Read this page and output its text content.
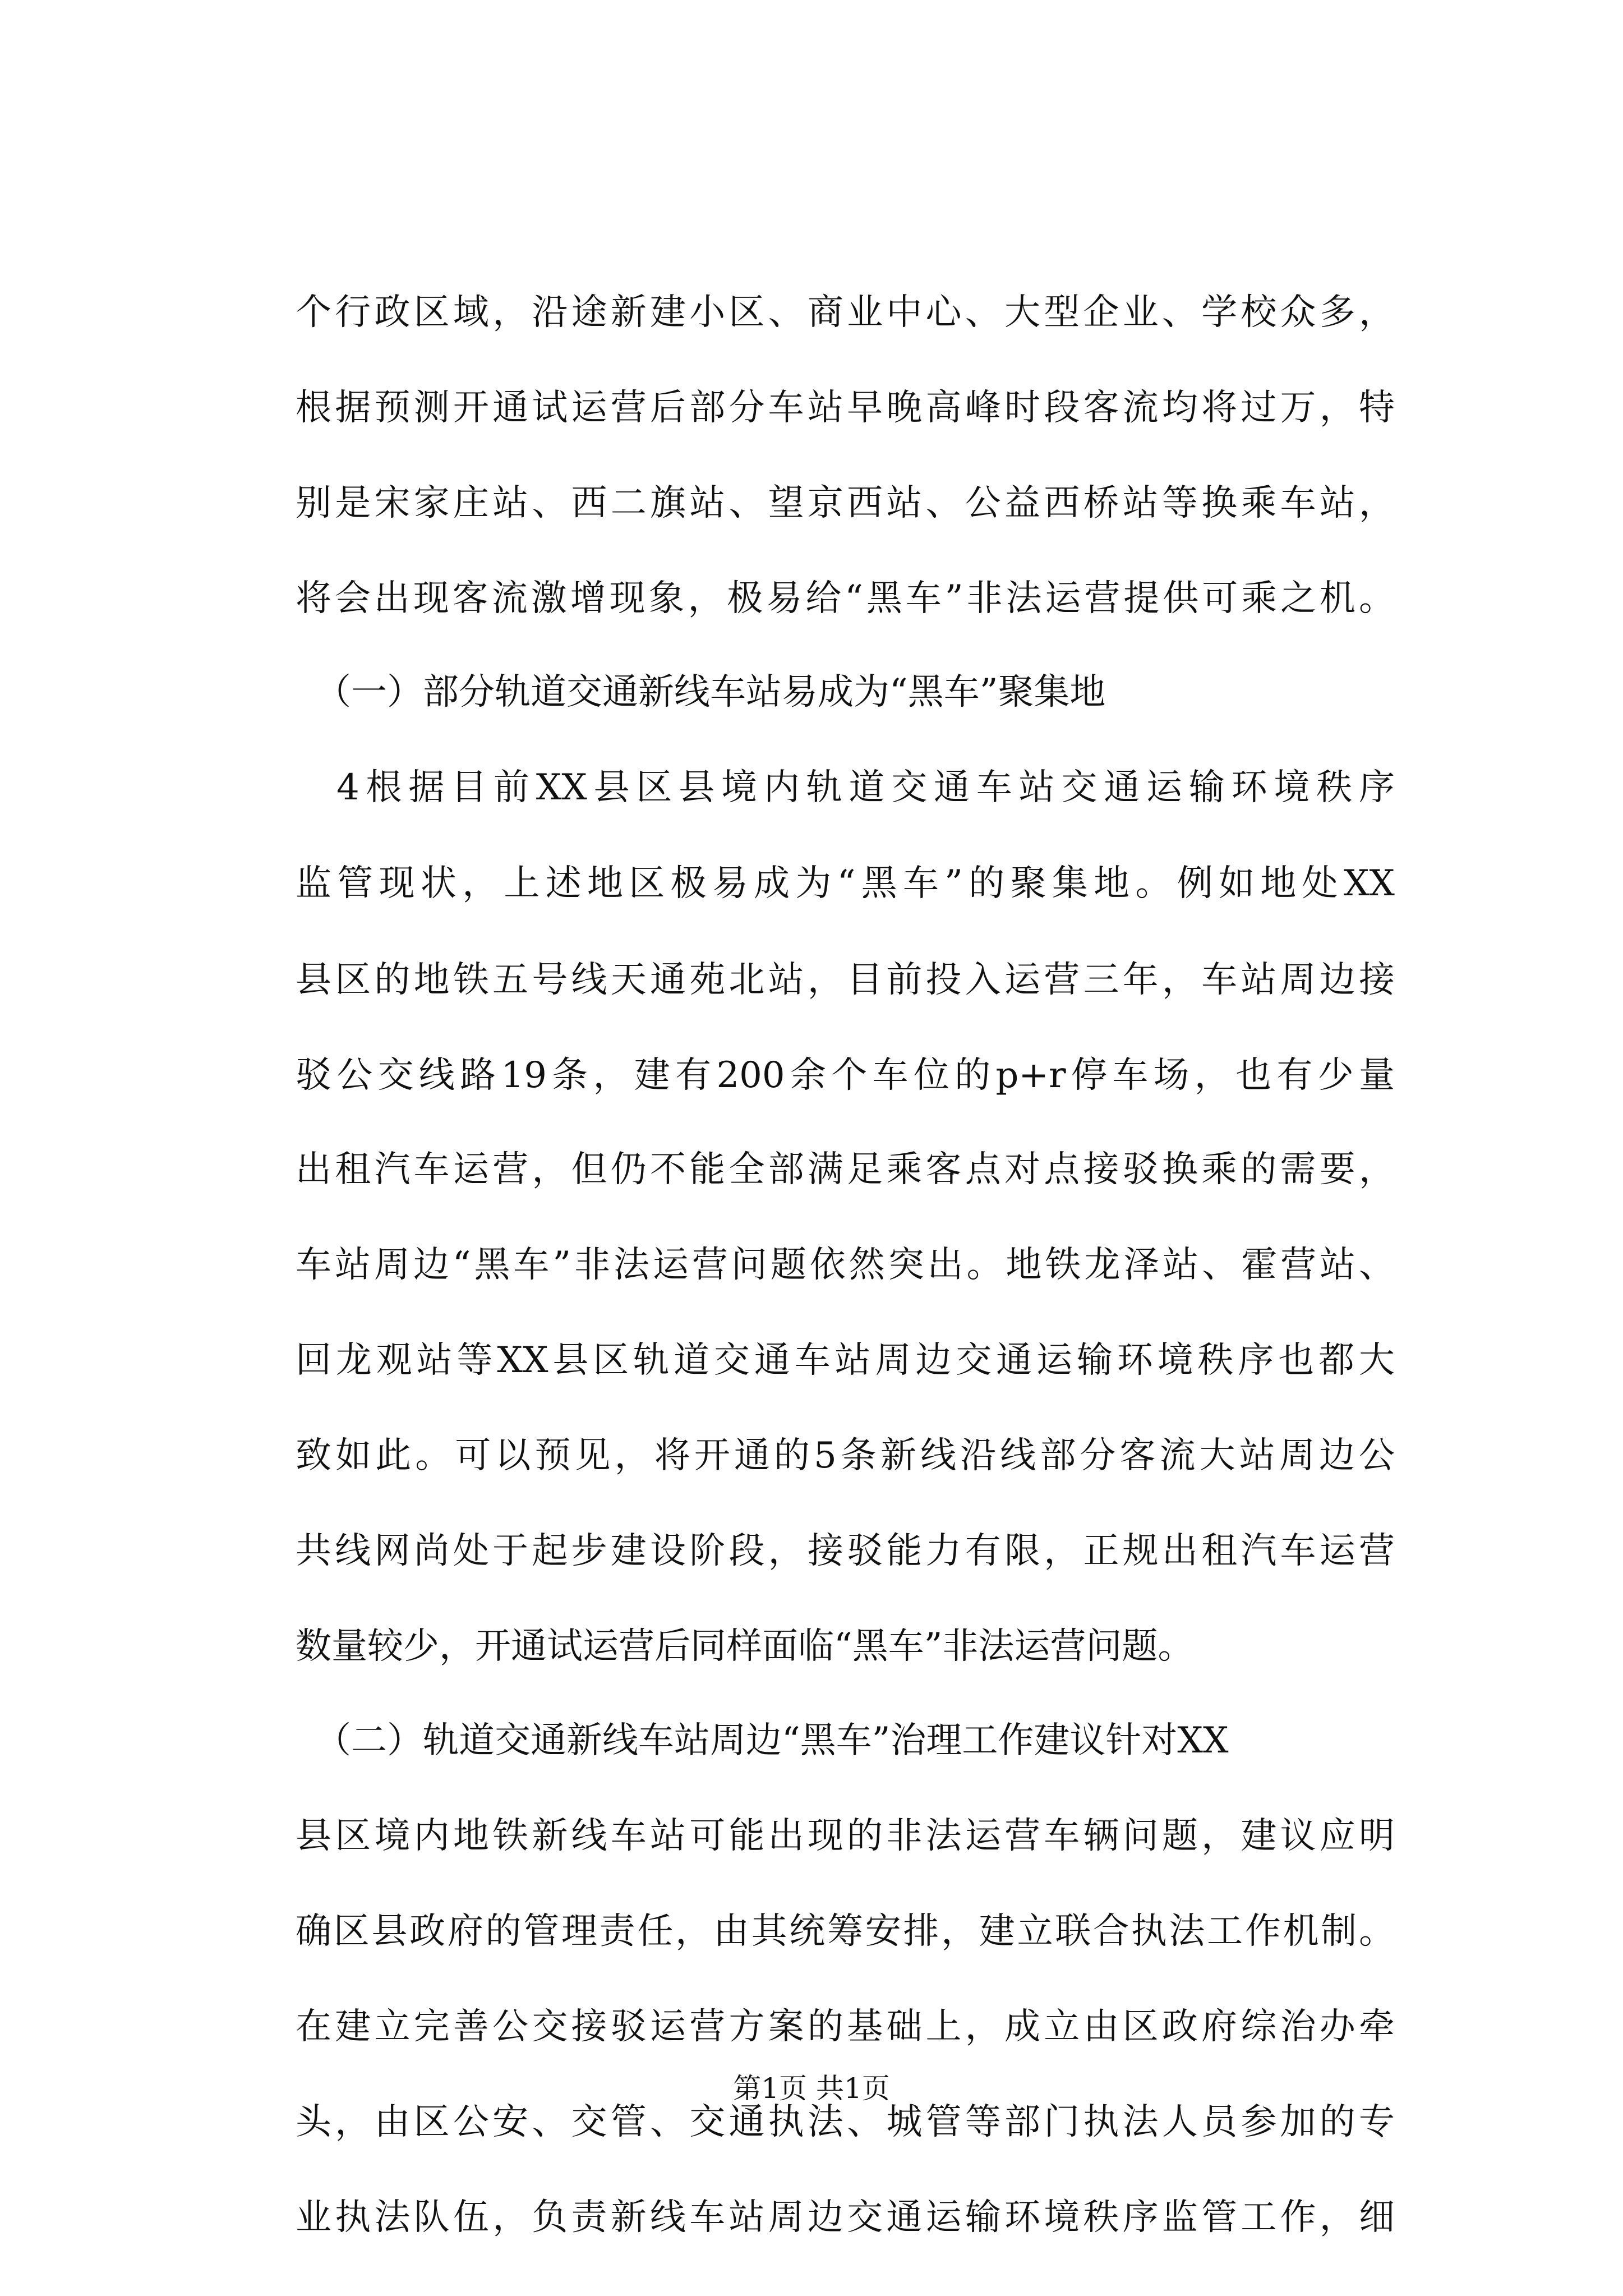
个行政区域，沿途新建小区、商业中心、大型企业、学校众多，
根据预测开通试运营后部分车站早晚高峰时段客流均将过万，特
别是宋家庄站、西二旗站、望京西站、公益西桥站等换乘车站，
将会出现客流激增现象，极易给“黑车”非法运营提供可乘之机。
（一）部分轨道交通新线车站易成为“黑车”聚集地
4根据目前XX县区县境内轨道交通车站交通运输环境秩序
监管现状，上述地区极易成为“黑车”的聚集地。例如地处XX
县区的地铁五号线天通苑北站，目前投入运营三年，车站周边接
驳公交线路19条，建有200余个车位的p+r停车场，也有少量
出租汽车运营，但仍不能全部满足乘客点对点接驳换乘的需要，
车站周边“黑车”非法运营问题依然突出。地铁龙泽站、霍营站、
回龙观站等XX县区轨道交通车站周边交通运输环境秩序也都大
致如此。可以预见，将开通的5条新线沿线部分客流大站周边公
共线网尚处于起步建设阶段，接驳能力有限，正规出租汽车运营
数量较少，开通试运营后同样面临“黑车”非法运营问题。
（二）轨道交通新线车站周边“黑车”治理工作建议针对XX
县区境内地铁新线车站可能出现的非法运营车辆问题，建议应明
确区县政府的管理责任，由其统筹安排，建立联合执法工作机制。
在建立完善公交接驳运营方案的基础上，成立由区政府综治办牵
头，由区公安、交管、交通执法、城管等部门执法人员参加的专
业执法队伍，负责新线车站周边交通运输环境秩序监管工作，细
第1页 共1页
